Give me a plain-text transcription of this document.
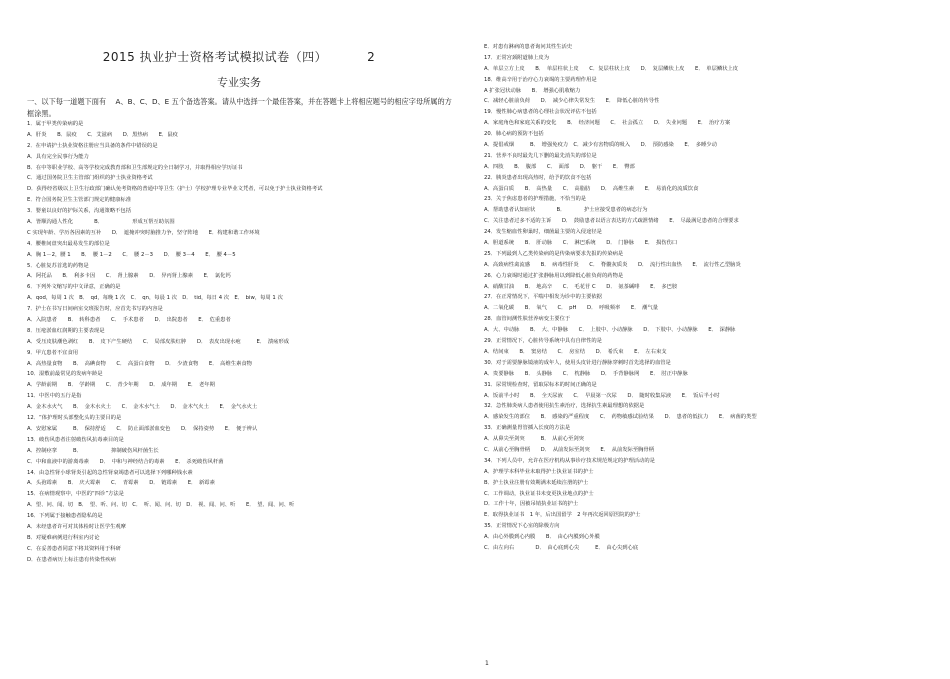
2015 执业护士资格考试模拟试卷（四）	2
专业实务
一、以下每一道题下面有　 A、B、C、D、E 五个备选答案。请从中选择一个最佳答案，并在答题卡上将相应题号的相应字母所属的方框涂黑。
1．属于甲类传染病的是
A．肝炎　　B．鼠疫　　C．艾滋病　　D．黑热病　　E．鼠疫
2．在申请护士执业资格注册应当具备的条件中错误的是
A．具有完全民事行为能力
B．在中等职业学校、高等学校完成教育部和卫生部规定的全日制学习，并取得相应学历证书
C．通过国务院卫生主管部门组织的护士执业资格考试
D．获得经省级以上卫生行政部门确认免考资格的普通中等卫生（护士）学校护理专业毕业文凭者，可以免于护士执业资格考试
E．符合国务院卫生主管部门规定的健康标准
3．婴童以良好的护际关系，沟通策略不包括
A．皆顺沟通人性化　　　　B．　　　　　　形成互帮互助氛围
C 实现年龄、学历各因素的互补　　D．　遮掩冲突时脑推力争，坚守阵地　　E．构建和谐工作环境
4．腰椎间盘突出最易发生的部位是
A．胸 1－2，腰 1　　B．　腰 1－2　　C．　腰 2－3　　D．　腰 3－4　　E．　腰 4－5
5．心脏复苏首选的药物是
A．阿托品　　B．　利多卡因　　C．　肾上腺素　　D．　异丙肾上腺素　　E．　氯化钙
6．下列外文缩写的中文译意，正确的是
A．qod，每周 1 次　B．　qd，每晚 1 次　C．　qn，每晨 1 次　D．　tid，每日 4 次　E．　biw，每周 1 次
7．护士在书写日间病室交班报告时，应首先书写的内容是
A．入院患者　　B．　转科患者　　C．　手术患者　　D．　出院患者　　E．　危重患者
8．压疮淤血红润期的主要表现是
A．受压皮肤潮色剥红　　B．　皮下产生硬结　　C．　局部皮肤红肿　　D．　表皮出现水疱　　　E．　溃疡形成
9．甲亢患者不宜食用
A．高热量食物　　B．　高碘食物　　C．　高蛋白食物　　D．　少渣食物　　E．　高维生素食物
10．湿敷前最常见的发病年龄是
A．学龄前期　　B．　学龄期　　C．　青少年期　　D．　成年期　　E．　老年期
11．中医中的五行是指
A．金木水火气　　B．　金木水火土　　C．　金木水气土　　D．　金木气火土　　E．　金气水火土
12．“体护理时头部整化头的主要目的是
A．安慰家属　　　B．　保持舒适　　C．　防止面部淤血变色　　D．　保持姿势　　E．　便于辨认
13．破伤风患者注射破伤风抗毒素目的是
A．控制痉挛　　　B．　　　　　　抑制破伤风杆菌生长
C．中和血液中的游离毒素　　D．　中和与神经结合的毒素　　E．　杀死破伤风杆菌
14．由急性肾小球肾炎引起的急性肾衰竭患者可以选择下列哪种钱水素
A．头孢霉素　　B．　庆大霉素　　C．　青霉素　　D．　链霉素　　E．　新霉素
15．在病情观察中，中医的“四诊”方法是
A．望、问、闻、切　B．　望、听、问、切　C．　听、闻、问、切　D．　视、闻、问、听　　E．　望、闻、问、听
16．下列属于接触患者隐私的是
A．未经患者许可对其体检时让医学生观摩
B．对疑难病例进行科室内讨论
C．在妥善患者同意下将其资料用于科研
D．在患者病历上标注患有传染性疾病
E．对患有淋病的患者询问其性生活史
17．正常宫颈附道肺上皮为
A．单层立方上皮　　B．　单层柱状上皮　　C．复层柱状上皮　　D．　复层鳞状上皮　　E．　单层鳞状上皮
18．维高辛用于治疗心力衰竭的主要药理作用是
A 扩张冠状动脉　　B．　增强心肌收缩力
C．减轻心脏前负荷　　D．　减少心律失常发生　　E．　降低心脏的传导性
19．慢性肺心病患者的心理社会状况评估不包括
A．家庭角色和家庭关系的变化　　B．　经济问题　　C．　社会孤立　　D．　失业问题　　E．　治疗方案
20．肺心病的预防不包括
A．提倡戒烟　　　B．　增强免疫力　C．减少有害物质的吸入　　D．　预防感染　　E．　多睡少动
21．营养不良时最先几下删的最先消失的部位是
A．四肢　　B．　腹部　　C．　面部　　D．　躯干　　E．　臀部
22．胰炎患者出现高热时，给予的饮食不包括
A．高蛋白质　　B．　高热量　　C．　高脂肪　　D．　高维生素　　E．　易消化的流质饮食
23．关于焦虑患者的护理措施，不恰当的是
A．帮助患者认知症状　　　　B．　　　　护士应接受患者的病态行为
C．关注患者过多不适的主诉　　D．　鼓励患者以语言表达的方式疏泄情绪　　E．　尽最满足患者的合理要求
24．发生缩血性卵巢时，细菌最主要的入侵途径是
A．胆道系统　　B．　肝动脉　　C．　淋巴系统　　D．　门静脉　　E．　损伤伤口
25．下列最到人乙类传染病的是传染病要求先报的传染病是
A．高致病性禽流感　　B．　病毒性肝炎　　C．　脊髓灰质炎　　D．　流行性出血热　　E．　流行性乙型脑炎
26．心力衰竭时通过扩张静脉用以到降低心脏负荷的药物是
A．硝酸甘油　　B．　地高辛　　C．　毛花苷 C　　D．　氨茶碱啡　　E．　多巴胺
27．在正常情况下，平喘中相发为诊中的主要依据
A．二氧化碳　　B．　氧气　　C．　pH　　D．　呼吸频率　　E．　潮气量
28．血管间测性肤营养病变主要位于
A．大、中动脉　　B．　大、中静脉　　C．　上肢中、小动静脉　　D．　下肢中、小动静脉　　E．　深静脉
29．正常情况下，心脏传导系统中具有自律性的是
A．结间束　　B．　窦房结　　C．　房室结　　D．　希氏束　　E．　左右束支
30．对于需要静脉镜液的成年人，使用头皮针进行静脉穿刺时首先选择的血管是
A．贵要静脉　　B．　头静脉　　C．　枕静脉　　D．　手背静脉网　　E．　肘正中静脉
31．尿常规检查时，留取尿标本的时间正确的是
A．饭前半小时　　B．　全天尿液　　C．　早晨第一次尿　　D．　随时收集尿液　　E．　饭后半小时
32．急性肺炎病人患者使用抗生素治疗，选择抗生素最理想的依据是
A．感染发生的部位　　B．　感染的严重程度　　C．　药物敏感试验结果　　D．　患者的低抗力　　E．　病菌的类型
33．正确测量胃管插入长度的方法是
A．从鼻尖至剑突　　　B．　从前心至剑突
C．从前心至胸骨柄　　D．　从前发际至剑突　　E．　从前发际至胸骨柄
34．下列人员中，允许在医疗机构从事诊疗技术规范规定的护理活动的是
A．护理学本科毕业未取得护士执业证书的护士
B．护士执业注册有效期满未延续注册的护士
C．工作调动，执业证书未变更执业地点的护士
D．工作十年，因被吊销执业证书的护士
E．取得执业证书　1 年，后出国留学　2 年再次返回原医院的护士
35．正常情况下心室的除极方向
A．由心外膜到心内膜　　B．　由心内膜到心外膜
C．由左向右　　　　D．　由心底到心尖　　　E．　由心尖到心底
1
